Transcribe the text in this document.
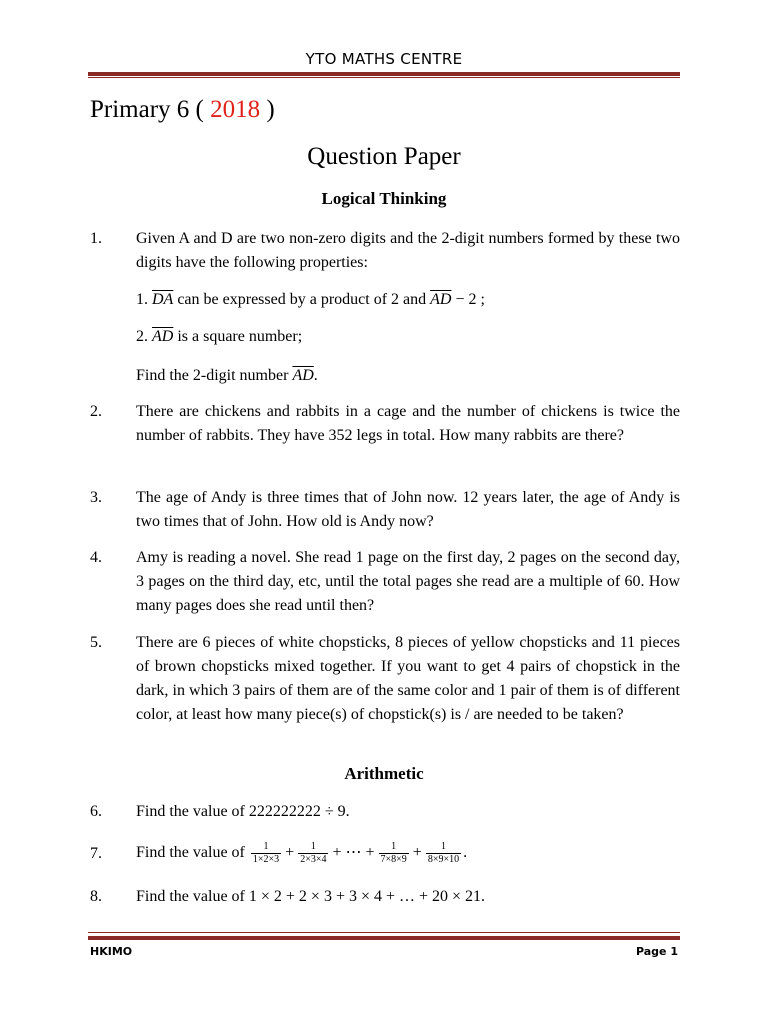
YTO MATHS CENTRE
Primary 6 ( 2018 )
Question Paper
Logical Thinking
1. Given A and D are two non-zero digits and the 2-digit numbers formed by these two digits have the following properties:
1. $\overline{DA}$ can be expressed by a product of 2 and $\overline{AD} - 2$ ;
2. $\overline{AD}$ is a square number;
Find the 2-digit number $\overline{AD}$.
2. There are chickens and rabbits in a cage and the number of chickens is twice the number of rabbits. They have 352 legs in total. How many rabbits are there?
3. The age of Andy is three times that of John now. 12 years later, the age of Andy is two times that of John. How old is Andy now?
4. Amy is reading a novel. She read 1 page on the first day, 2 pages on the second day, 3 pages on the third day, etc, until the total pages she read are a multiple of 60. How many pages does she read until then?
5. There are 6 pieces of white chopsticks, 8 pieces of yellow chopsticks and 11 pieces of brown chopsticks mixed together. If you want to get 4 pairs of chopstick in the dark, in which 3 pairs of them are of the same color and 1 pair of them is of different color, at least how many piece(s) of chopstick(s) is / are needed to be taken?
Arithmetic
6. Find the value of 222222222 ÷ 9.
7. Find the value of $\frac{1}{1\times 2\times 3} + \frac{1}{2\times 3\times 4}$ + ⋯ + $\frac{1}{7\times 8\times 9} + \frac{1}{8\times 9\times 10}$ .
8. Find the value of 1 × 2 + 2 × 3 + 3 × 4 + … + 20 × 21.
HKIMO	Page 1
